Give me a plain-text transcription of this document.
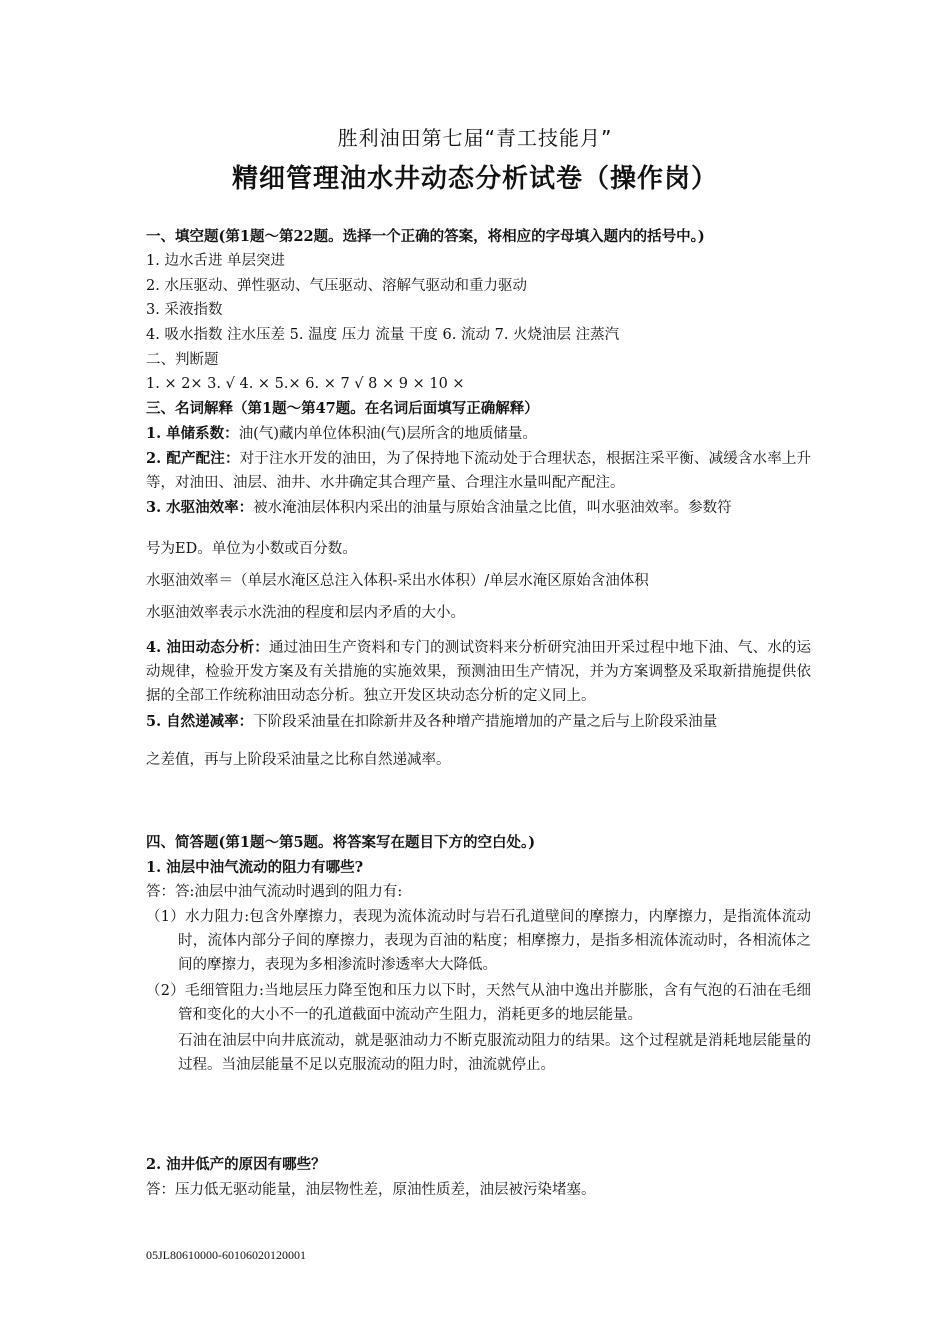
胜利油田第七届“青工技能月”
精细管理油水井动态分析试卷（操作岗）
一、填空题(第1题～第22题。选择一个正确的答案，将相应的字母填入题内的括号中。)
1. 边水舌进 单层突进
2. 水压驱动、弹性驱动、气压驱动、溶解气驱动和重力驱动
3. 采液指数
4. 吸水指数 注水压差 5. 温度 压力 流量 干度 6. 流动 7. 火烧油层 注蒸汽
二、判断题
1. × 2× 3. √ 4. × 5.× 6. × 7 √ 8 × 9 × 10 ×
三、名词解释（第1题～第47题。在名词后面填写正确解释）
1. 单储系数：油(气)藏内单位体积油(气)层所含的地质储量。
2. 配产配注：对于注水开发的油田，为了保持地下流动处于合理状态，根据注采平衡、减缓含水率上升等，对油田、油层、油井、水井确定其合理产量、合理注水量叫配产配注。
3. 水驱油效率：被水淹油层体积内采出的油量与原始含油量之比值，叫水驱油效率。参数符
号为ED。单位为小数或百分数。
水驱油效率＝（单层水淹区总注入体积-采出水体积）/单层水淹区原始含油体积
水驱油效率表示水洗油的程度和层内矛盾的大小。
4. 油田动态分析：通过油田生产资料和专门的测试资料来分析研究油田开采过程中地下油、气、水的运动规律，检验开发方案及有关措施的实施效果，预测油田生产情况，并为方案调整及采取新措施提供依据的全部工作统称油田动态分析。独立开发区块动态分析的定义同上。
5. 自然递减率：下阶段采油量在扣除新井及各种增产措施增加的产量之后与上阶段采油量
之差值，再与上阶段采油量之比称自然递减率。
四、简答题(第1题～第5题。将答案写在题目下方的空白处。)
1. 油层中油气流动的阻力有哪些?
答：答:油层中油气流动时遇到的阻力有:
（1）水力阻力:包含外摩擦力，表现为流体流动时与岩石孔道壁间的摩擦力，内摩擦力，是指流体流动时，流体内部分子间的摩擦力，表现为百油的粘度；相摩擦力，是指多相流体流动时，各相流体之间的摩擦力，表现为多相渗流时渗透率大大降低。
（2）毛细管阻力:当地层压力降至饱和压力以下时，天然气从油中逸出并膨胀，含有气泡的石油在毛细管和变化的大小不一的孔道截面中流动产生阻力，消耗更多的地层能量。
石油在油层中向井底流动，就是驱油动力不断克服流动阻力的结果。这个过程就是消耗地层能量的过程。当油层能量不足以克服流动的阻力时，油流就停止。
2. 油井低产的原因有哪些？
答：压力低无驱动能量，油层物性差，原油性质差，油层被污染堵塞。
05JL80610000-60106020120001
